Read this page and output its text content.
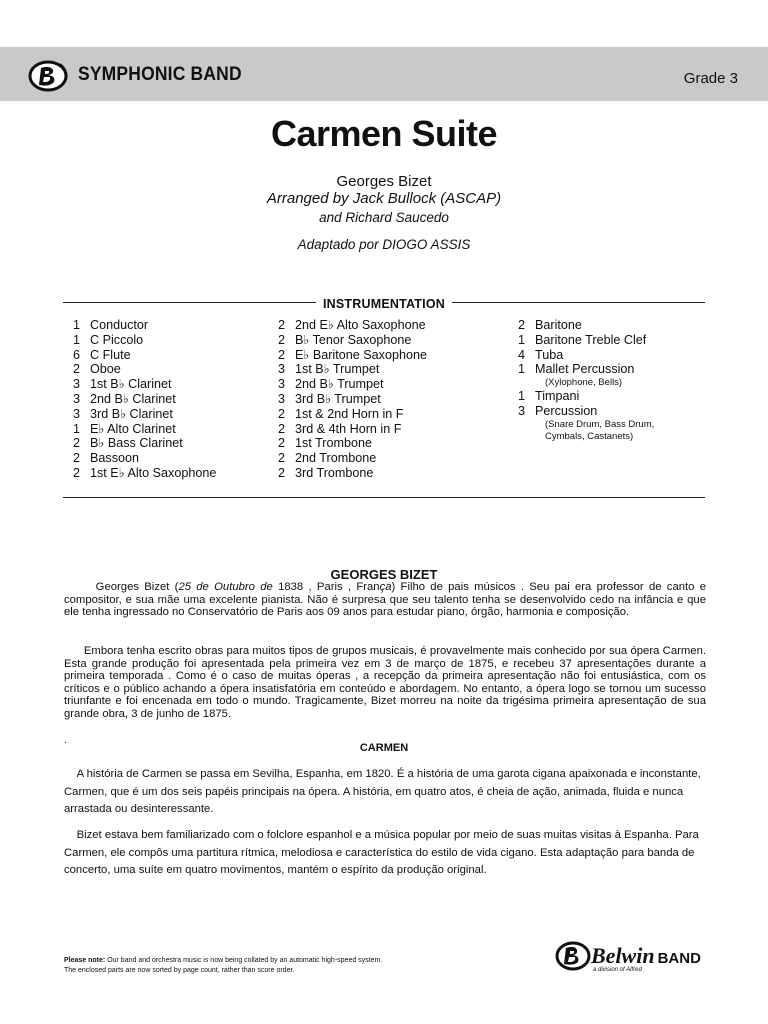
SYMPHONIC BAND	Grade 3
Carmen Suite
Georges Bizet
Arranged by Jack Bullock (ASCAP)
and Richard Saucedo
Adaptado por DIOGO ASSIS
INSTRUMENTATION
1 Conductor
1 C Piccolo
6 C Flute
2 Oboe
3 1st B♭ Clarinet
3 2nd B♭ Clarinet
3 3rd B♭ Clarinet
1 E♭ Alto Clarinet
2 B♭ Bass Clarinet
2 Bassoon
2 1st E♭ Alto Saxophone
2 2nd E♭ Alto Saxophone
2 B♭ Tenor Saxophone
2 E♭ Baritone Saxophone
3 1st B♭ Trumpet
3 2nd B♭ Trumpet
3 3rd B♭ Trumpet
2 1st & 2nd Horn in F
2 3rd & 4th Horn in F
2 1st Trombone
2 2nd Trombone
2 3rd Trombone
2 Baritone
1 Baritone Treble Clef
4 Tuba
1 Mallet Percussion
(Xylophone, Bells)
1 Timpani
3 Percussion
(Snare Drum, Bass Drum,
Cymbals, Castanets)
GEORGES BIZET
Georges Bizet (25 de Outubro de 1838 , Paris , França) Filho de pais músicos . Seu pai era professor de canto e compositor, e sua mãe uma excelente pianista. Não é surpresa que seu talento tenha se desenvolvido cedo na infância e que ele tenha ingressado no Conservatório de Paris aos 09 anos para estudar piano, órgão, harmonia e composição.
Embora tenha escrito obras para muitos tipos de grupos musicais, é provavelmente mais conhecido por sua ópera Carmen. Esta grande produção foi apresentada pela primeira vez em 3 de março de 1875, e recebeu 37 apresentações durante a primeira temporada . Como é o caso de muitas óperas , a recepção da primeira apresentação não foi entusiástica, com os críticos e o público achando a ópera insatisfatória em conteúdo e abordagem. No entanto, a ópera logo se tornou um sucesso triunfante e foi encenada em todo o mundo. Tragicamente, Bizet morreu na noite da trigésima primeira apresentação de sua grande obra, 3 de junho de 1875.
.
CARMEN
A história de Carmen se passa em Sevilha, Espanha, em 1820. É a história de uma garota cigana apaixonada e inconstante, Carmen, que é um dos seis papéis principais na ópera. A história, em quatro atos, é cheia de ação, animada, fluida e nunca arrastada ou desinteressante.
Bizet estava bem familiarizado com o folclore espanhol e a música popular por meio de suas muitas visitas à Espanha. Para Carmen, ele compôs uma partitura rítmica, melodiosa e característica do estilo de vida cigano. Esta adaptação para banda de concerto, uma suíte em quatro movimentos, mantém o espírito da produção original.
Please note: Our band and orchestra music is now being collated by an automatic high-speed system.
The enclosed parts are now sorted by page count, rather than score order.
Belwin BAND
a division of Alfred
